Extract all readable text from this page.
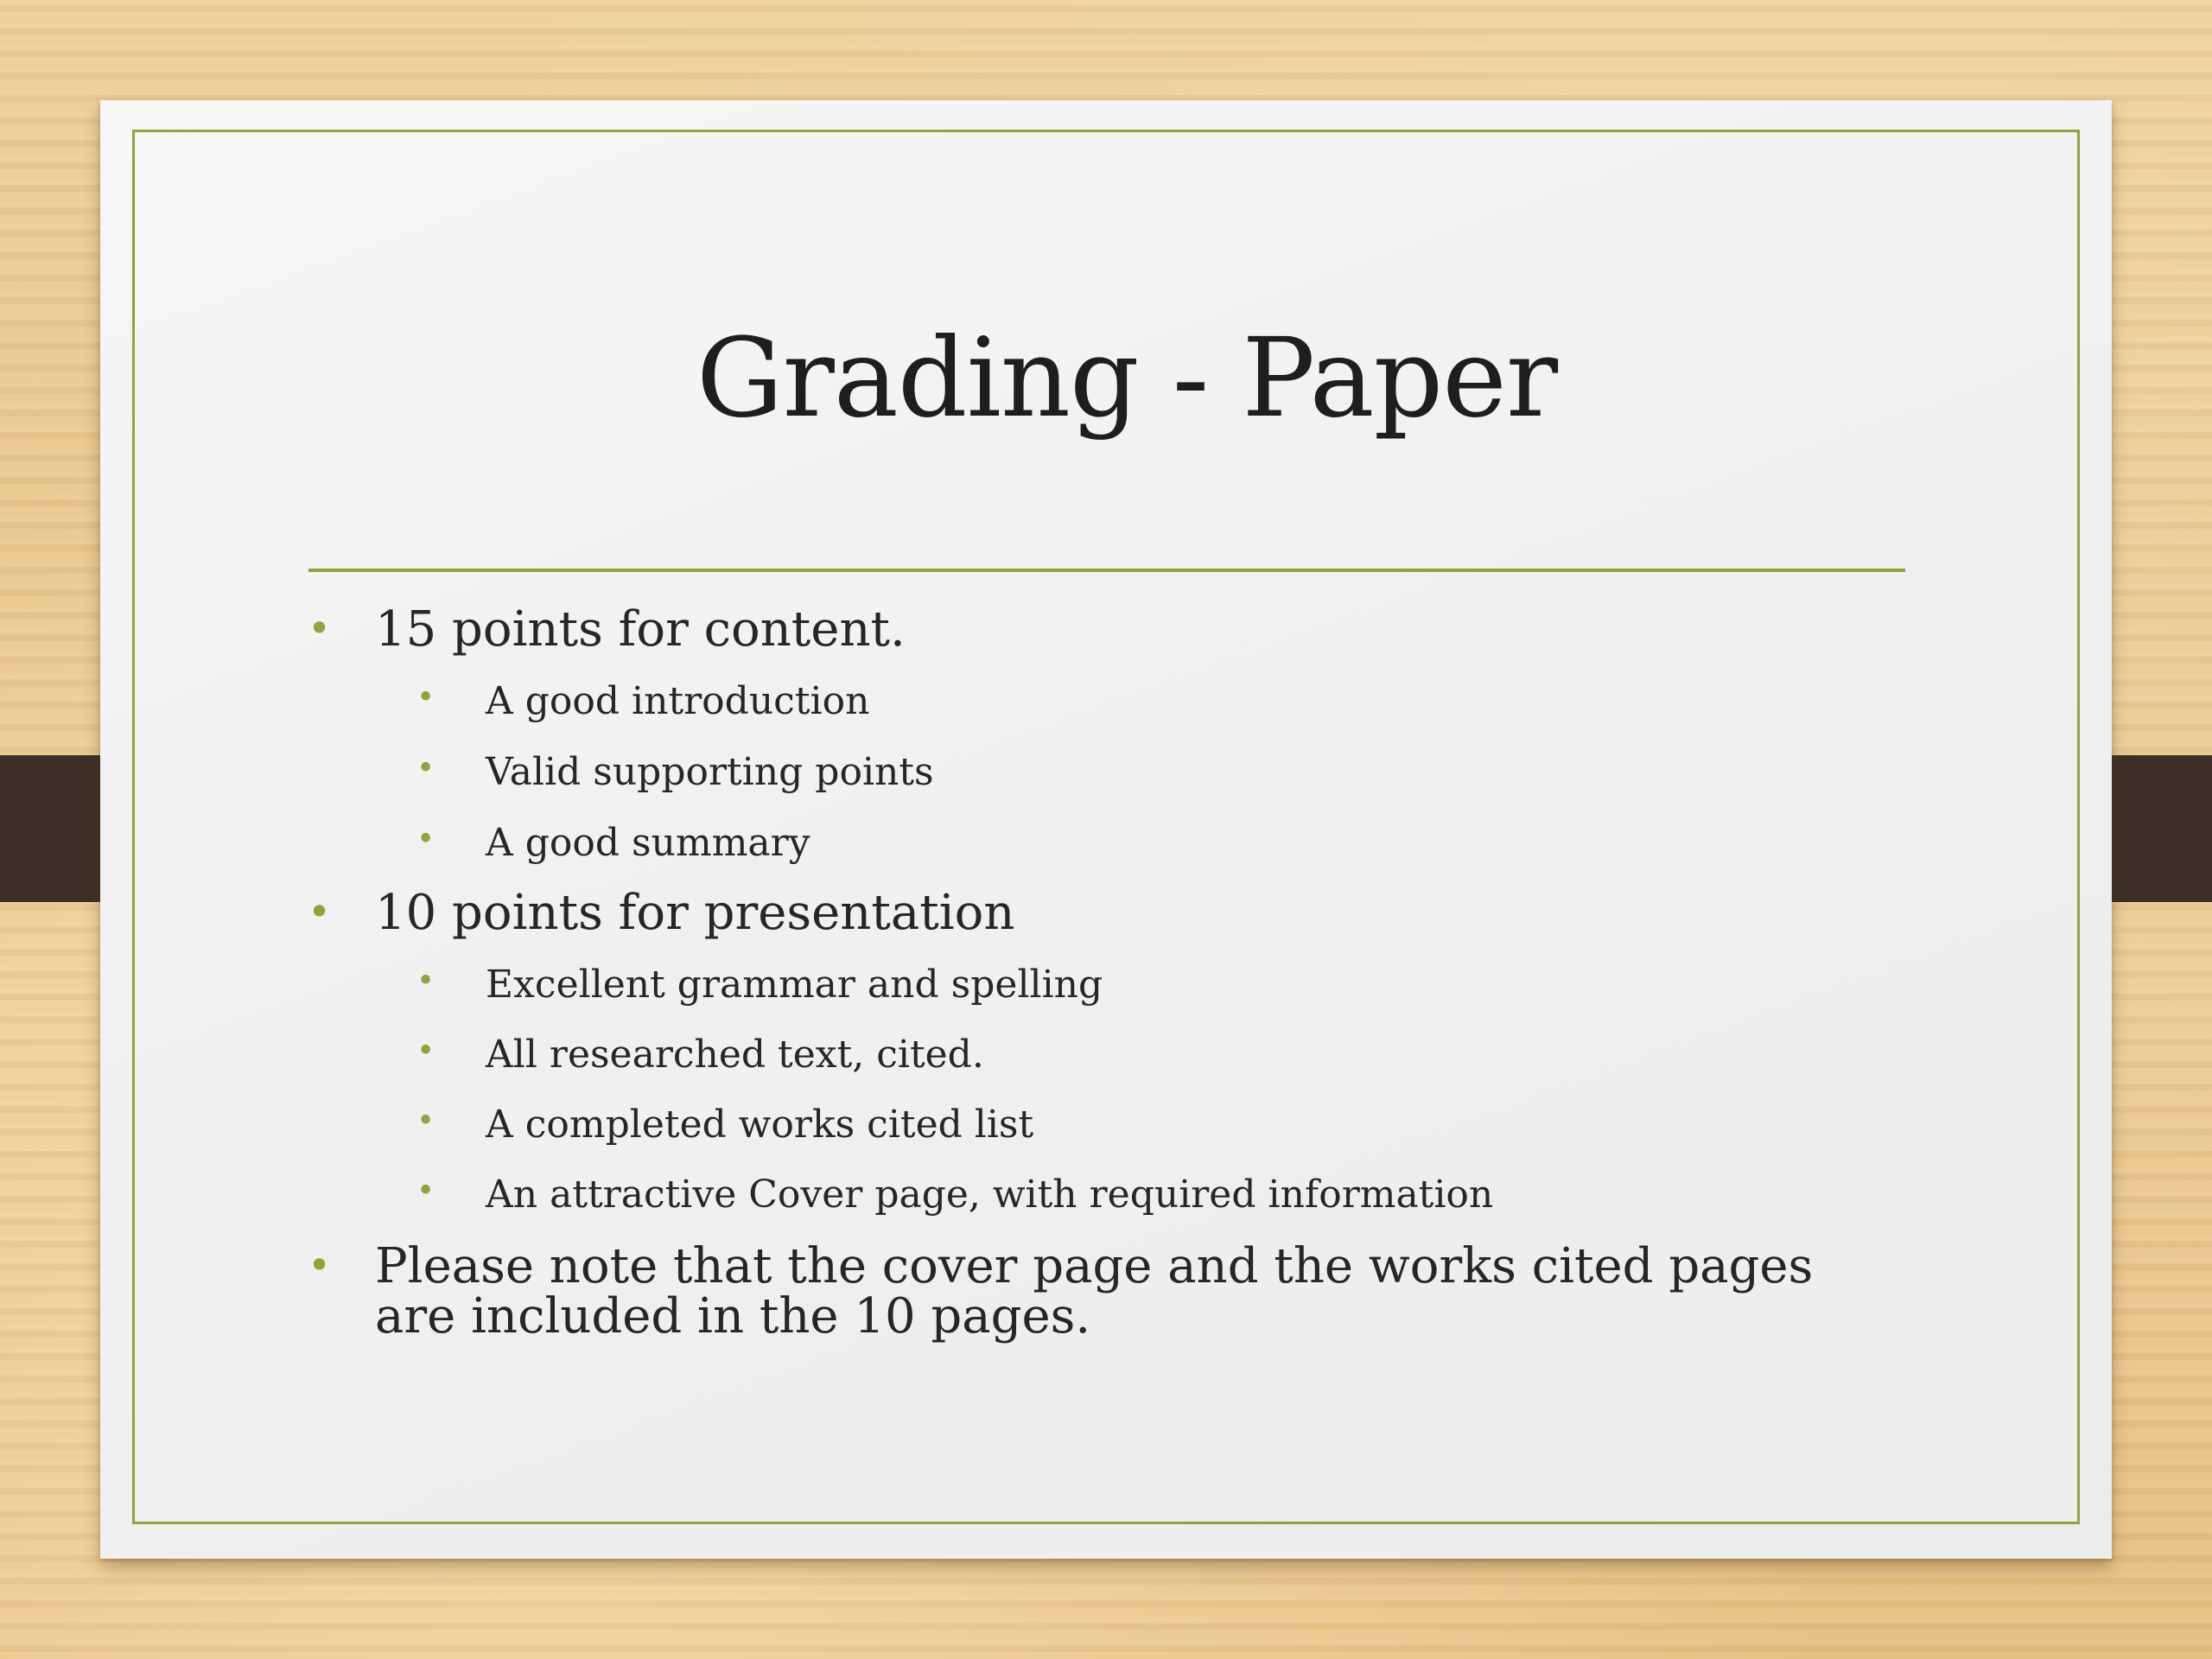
Grading - Paper
• 15 points for content.
• A good introduction
• Valid supporting points
• A good summary
• 10 points for presentation
• Excellent grammar and spelling
• All researched text, cited.
• A completed works cited list
• An attractive Cover page, with required information
• Please note that the cover page and the works cited pages are included in the 10 pages.
